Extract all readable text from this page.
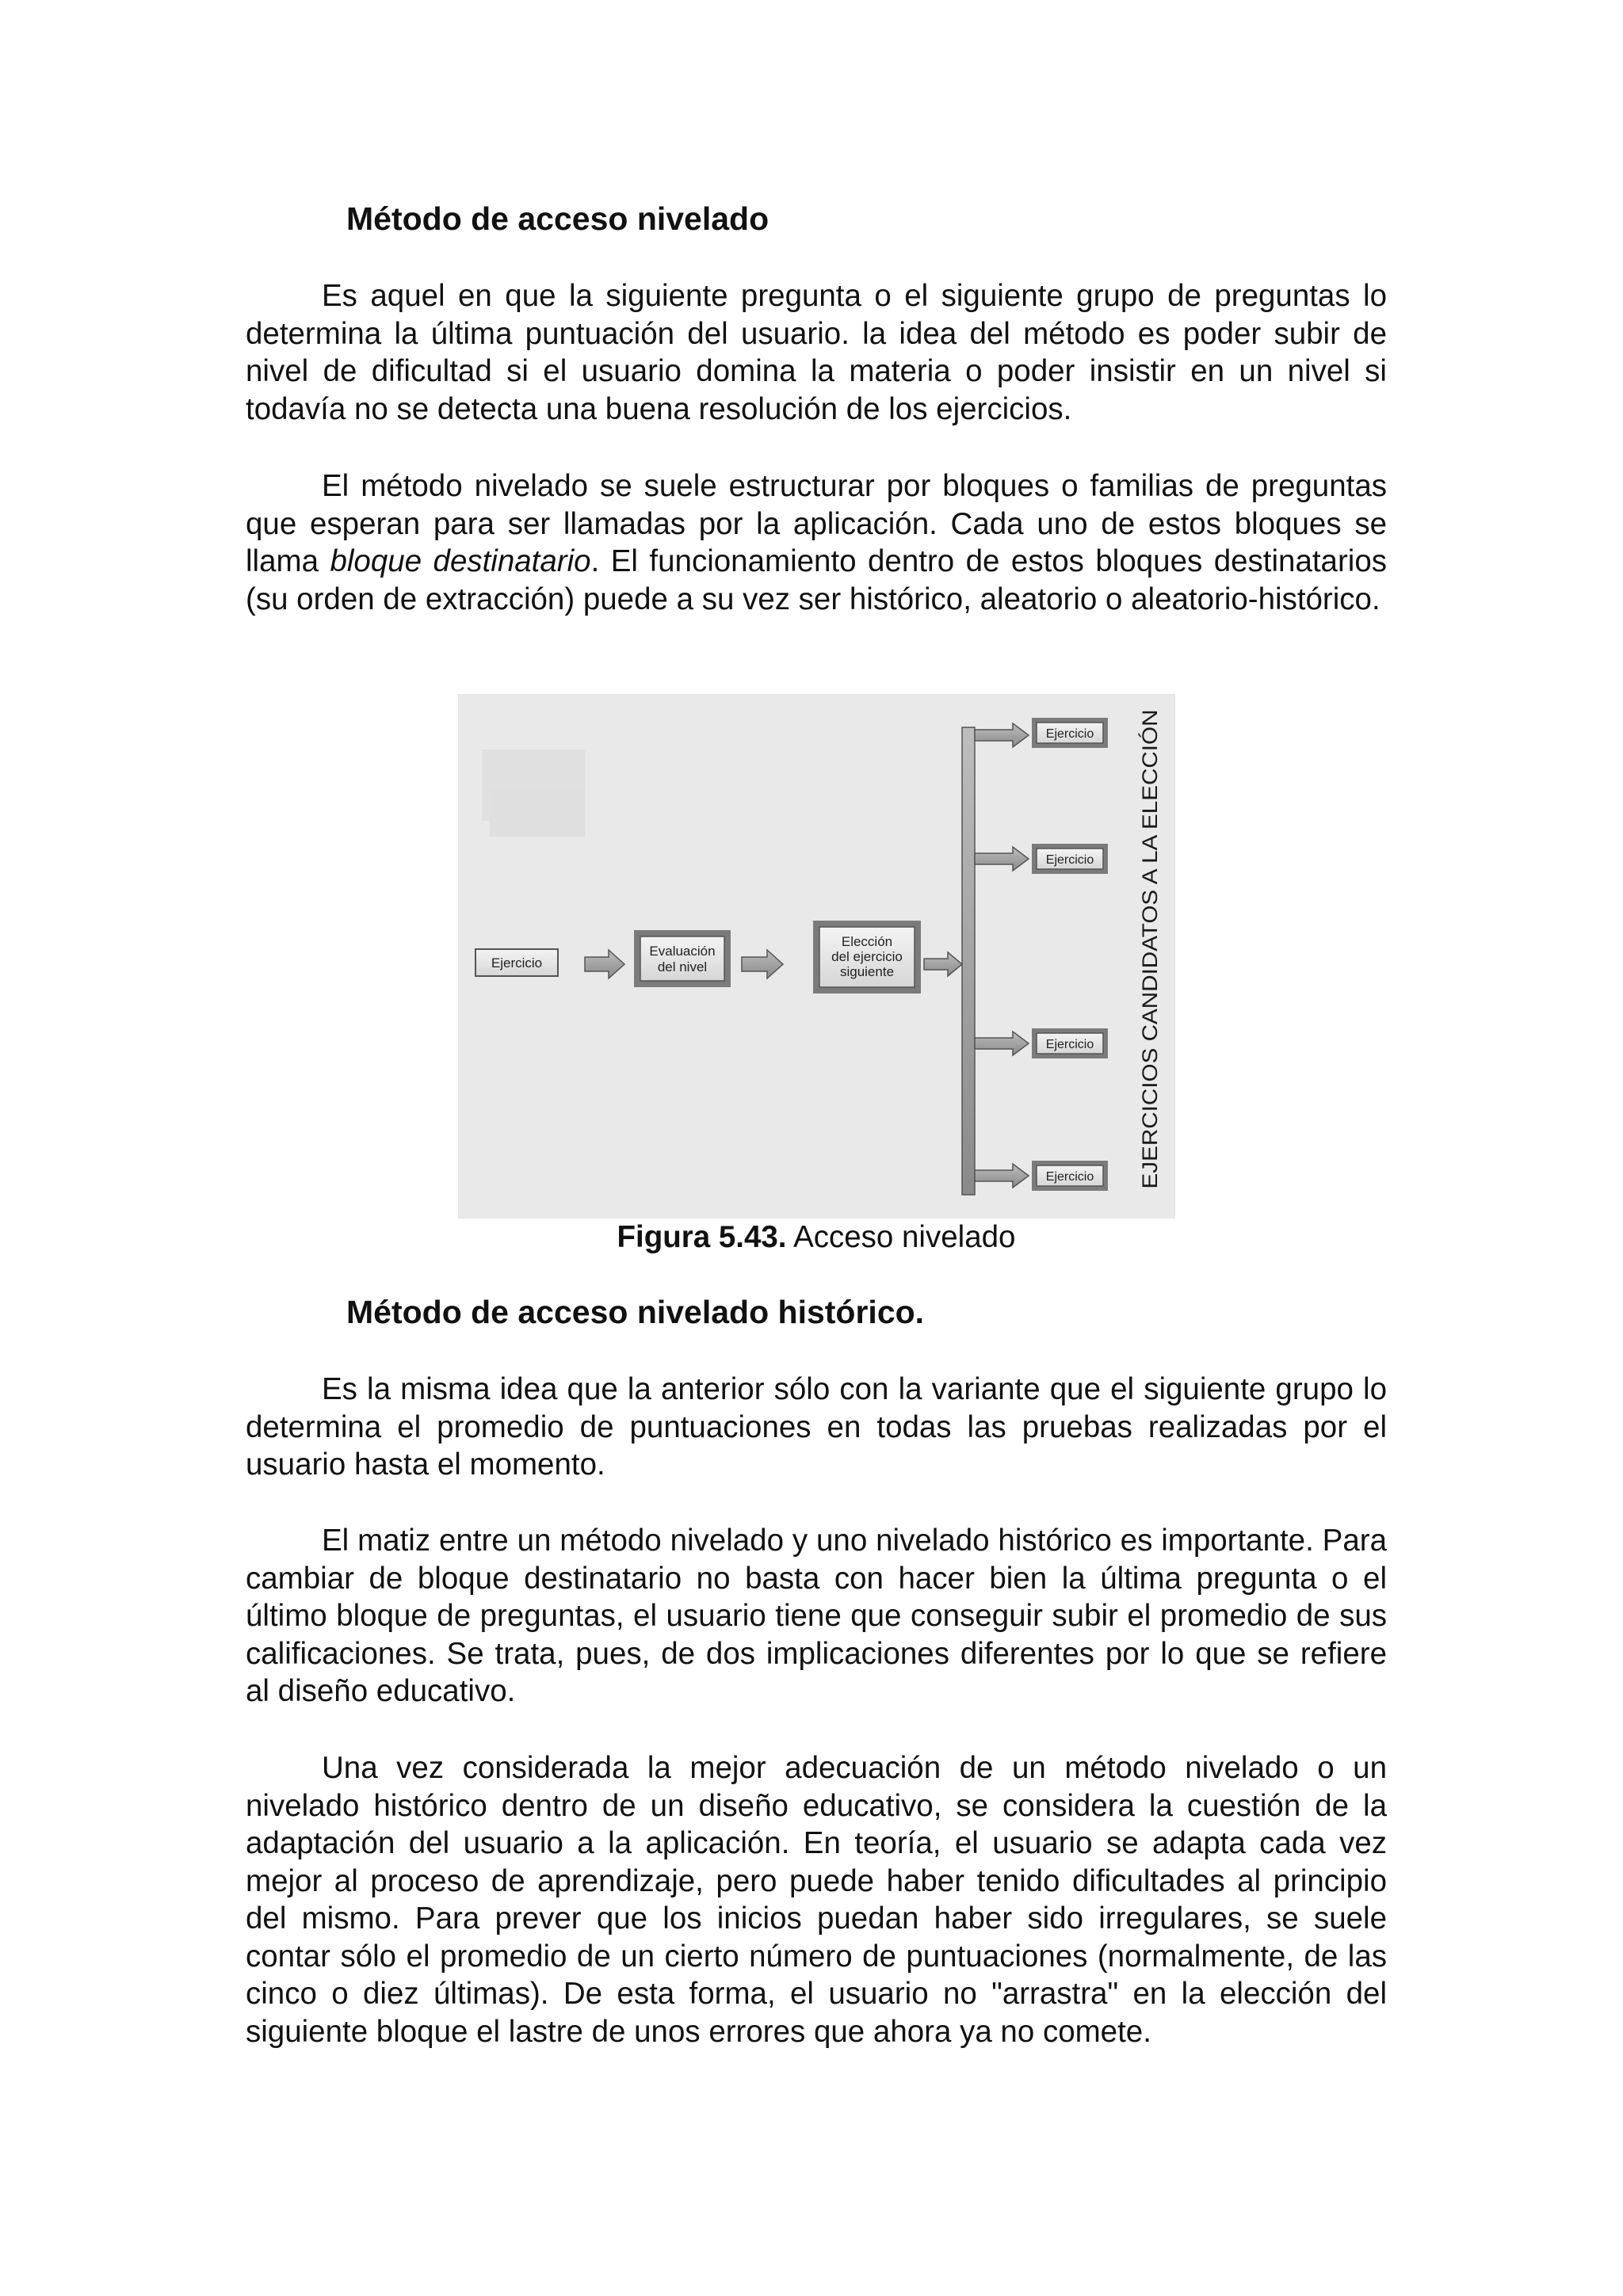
Método de acceso nivelado

Es aquel en que la siguiente pregunta o el siguiente grupo de preguntas lo determina la última puntuación del usuario. la idea del método es poder subir de nivel de dificultad si el usuario domina la materia o poder insistir en un nivel si todavía no se detecta una buena resolución de los ejercicios.

El método nivelado se suele estructurar por bloques o familias de preguntas que esperan para ser llamadas por la aplicación. Cada uno de estos bloques se llama bloque destinatario. El funcionamiento dentro de estos bloques destinatarios (su orden de extracción) puede a su vez ser histórico, aleatorio o aleatorio-histórico.

Ejercicio
Evaluación
del nivel
Elección
del ejercicio
siguiente
Ejercicio
Ejercicio
Ejercicio
Ejercicio EJERCICIOS CANDIDATOS A LA ELECCIÓN

Figura 5.43. Acceso nivelado

Método de acceso nivelado histórico.

Es la misma idea que la anterior sólo con la variante que el siguiente grupo lo determina el promedio de puntuaciones en todas las pruebas realizadas por el usuario hasta el momento.

El matiz entre un método nivelado y uno nivelado histórico es importante. Para cambiar de bloque destinatario no basta con hacer bien la última pregunta o el último bloque de preguntas, el usuario tiene que conseguir subir el promedio de sus calificaciones. Se trata, pues, de dos implicaciones diferentes por lo que se refiere al diseño educativo.

Una vez considerada la mejor adecuación de un método nivelado o un nivelado histórico dentro de un diseño educativo, se considera la cuestión de la adaptación del usuario a la aplicación. En teoría, el usuario se adapta cada vez mejor al proceso de aprendizaje, pero puede haber tenido dificultades al principio del mismo. Para prever que los inicios puedan haber sido irregulares, se suele contar sólo el promedio de un cierto número de puntuaciones (normalmente, de las cinco o diez últimas). De esta forma, el usuario no "arrastra" en la elección del siguiente bloque el lastre de unos errores que ahora ya no comete.
